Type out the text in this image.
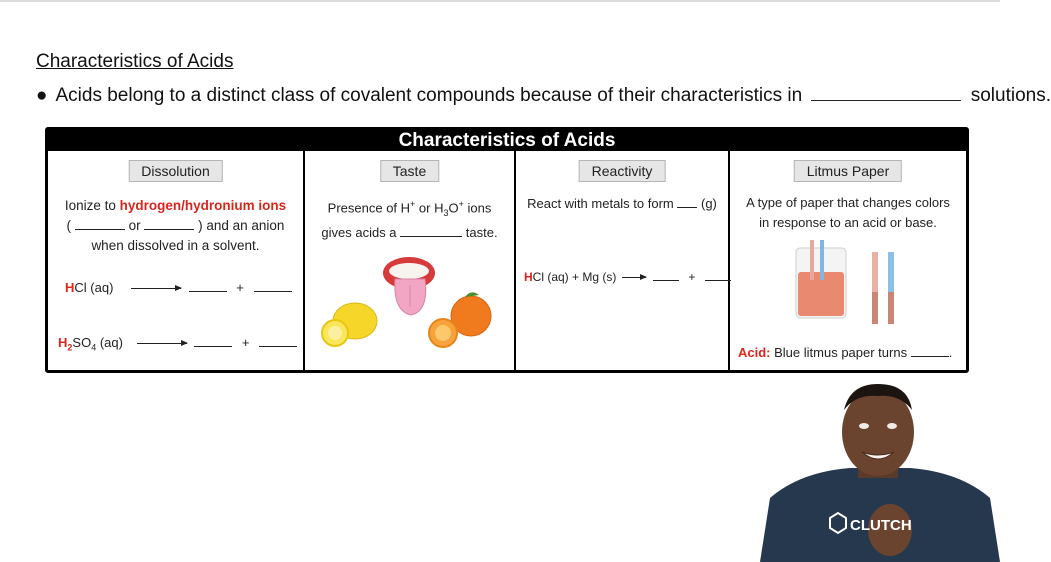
Characteristics of Acids
● Acids belong to a distinct class of covalent compounds because of their characteristics in	solutions.
Characteristics of Acids
Dissolution
Ionize to hydrogen/hydronium ions
(	or	) and an anion
when dissolved in a solvent.
HCl (aq)	+
$H_2SO_4$ (aq)	+
Taste
Presence of H+ or $H_3O^+$ ions
gives acids a	taste.
Reactivity
React with metals to form (g)
HCl (aq) + Mg (s)	+
Litmus Paper
A type of paper that changes colors
in response to an acid or base.
Acid: Blue litmus paper turns	.
CLUTCH
